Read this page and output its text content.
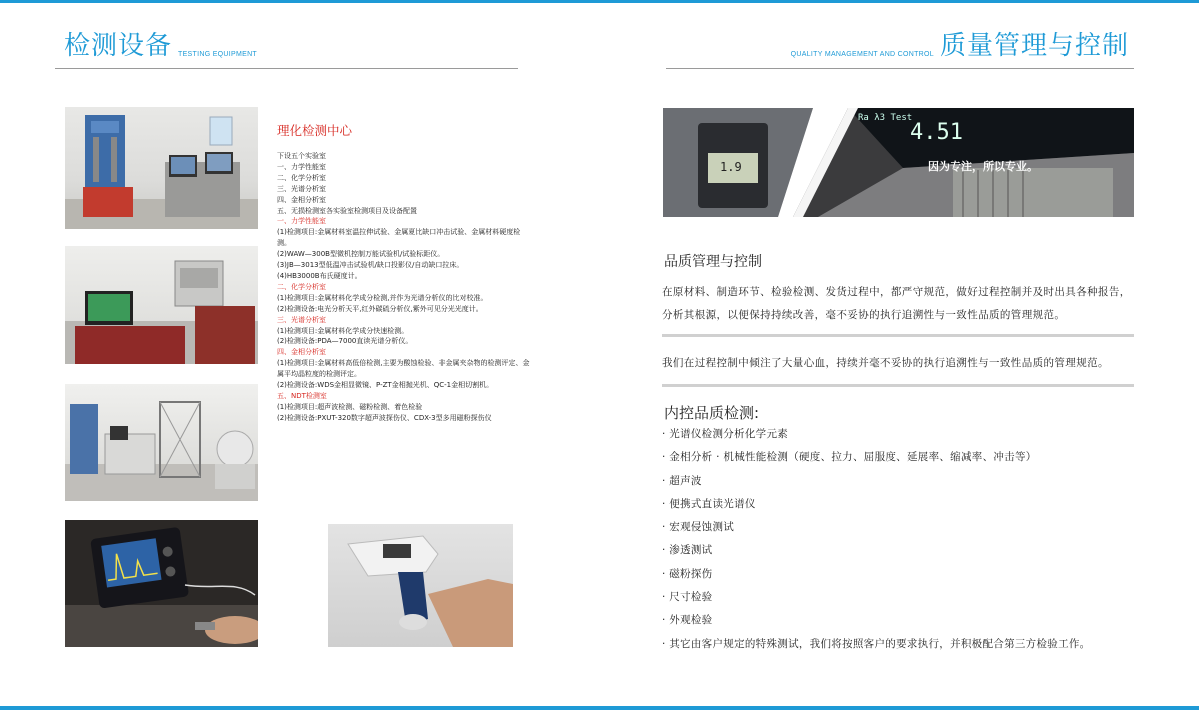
检测设备 TESTING EQUIPMENT	QUALITY MANAGEMENT AND CONTROL 质量管理与控制
理化检测中心
下设五个实验室
一、力学性能室
二、化学分析室
三、光谱分析室
四、金相分析室
五、无损检测室各实验室检测项目及设备配置
一、力学性能室
(1)检测项目:金属材料室温拉伸试验、金属夏比缺口冲击试验、金属材料硬度检测。
(2)WAW—300B型微机控制万能试验机/试验标距仪。
(3)JB—3013型低温冲击试验机/缺口投影仪/自动缺口拉床。
(4)HB3000B布氏硬度计。
二、化学分析室
(1)检测项目:金属材料化学成分检测,并作为光谱分析仪的比对校准。
(2)检测设备:电光分析天平,红外碳硫分析仪,紫外可见分光光度计。
三、光谱分析室
(1)检测项目:金属材料化学成分快速检测。
(2)检测设备:PDA—7000直读光谱分析仪。
四、金相分析室
(1)检测项目:金属材料高低倍检测,主要为酸蚀检验、非金属夹杂物的检测评定、金属平均晶粒度的检测评定。
(2)检测设备:WDS金相显微镜、P-ZT金相抛光机、QC-1金相切割机。
五、NDT检测室
(1)检测项目:超声波检测、磁粉检测、着色检验
(2)检测设备:PXUT-320数字超声波探伤仪、CDX-3型多用磁粉探伤仪
Ra λ3 Test
4.51
1.9	因为专注，所以专业。
品质管理与控制
在原材料、制造环节、检验检测、发货过程中，都严守规范，做好过程控制并及时出具各种报告，分析其根源，以便保持持续改善，毫不妥协的执行追溯性与一致性品质的管理规范。
我们在过程控制中倾注了大量心血，持续并毫不妥协的执行追溯性与一致性品质的管理规范。
内控品质检测:
· 光谱仪检测分析化学元素
· 金相分析 · 机械性能检测（硬度、拉力、屈服度、延展率、缩减率、冲击等）
· 超声波
· 便携式直读光谱仪
· 宏观侵蚀测试
· 渗透测试
· 磁粉探伤
· 尺寸检验
· 外观检验
· 其它由客户规定的特殊测试，我们将按照客户的要求执行，并积极配合第三方检验工作。
